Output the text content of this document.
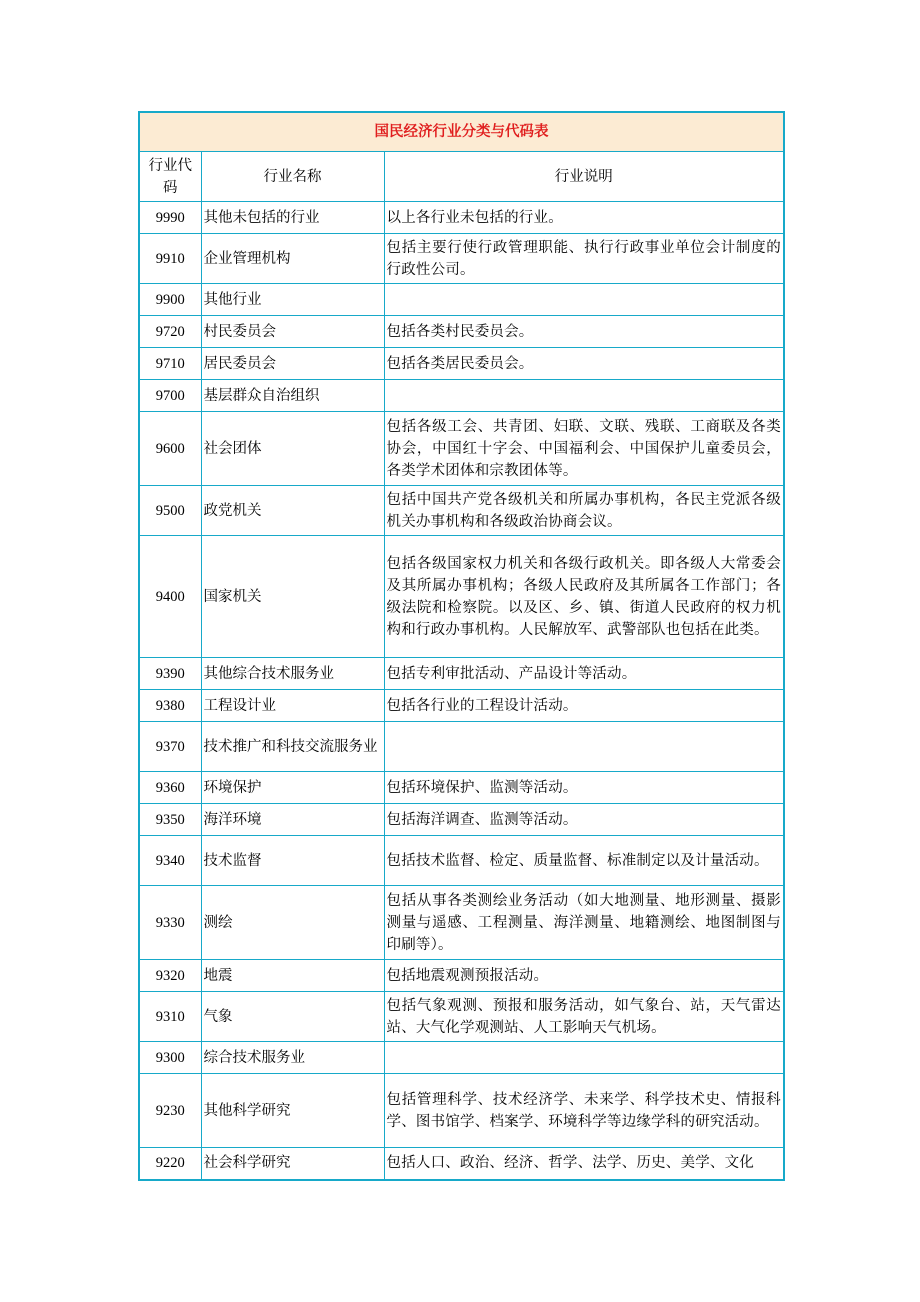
国民经济行业分类与代码表		
行业代码	行业名称	行业说明
9990	其他未包括的行业	以上各行业未包括的行业。
9910	企业管理机构	包括主要行使行政管理职能、执行行政事业单位会计制度的行政性公司。
9900	其他行业	
9720	村民委员会	包括各类村民委员会。
9710	居民委员会	包括各类居民委员会。
9700	基层群众自治组织	
9600	社会团体	包括各级工会、共青团、妇联、文联、残联、工商联及各类协会，中国红十字会、中国福利会、中国保护儿童委员会，各类学术团体和宗教团体等。
9500	政党机关	包括中国共产党各级机关和所属办事机构，各民主党派各级机关办事机构和各级政治协商会议。
9400	国家机关	包括各级国家权力机关和各级行政机关。即各级人大常委会及其所属办事机构；各级人民政府及其所属各工作部门；各级法院和检察院。以及区、乡、镇、街道人民政府的权力机构和行政办事机构。人民解放军、武警部队也包括在此类。
9390	其他综合技术服务业	包括专利审批活动、产品设计等活动。
9380	工程设计业	包括各行业的工程设计活动。
9370	技术推广和科技交流服务业	
9360	环境保护	包括环境保护、监测等活动。
9350	海洋环境	包括海洋调查、监测等活动。
9340	技术监督	包括技术监督、检定、质量监督、标准制定以及计量活动。
9330	测绘	包括从事各类测绘业务活动（如大地测量、地形测量、摄影测量与遥感、工程测量、海洋测量、地籍测绘、地图制图与印刷等）。
9320	地震	包括地震观测预报活动。
9310	气象	包括气象观测、预报和服务活动，如气象台、站，天气雷达站、大气化学观测站、人工影响天气机场。
9300	综合技术服务业	
9230	其他科学研究	包括管理科学、技术经济学、未来学、科学技术史、情报科学、图书馆学、档案学、环境科学等边缘学科的研究活动。
9220	社会科学研究	包括人口、政治、经济、哲学、法学、历史、美学、文化
